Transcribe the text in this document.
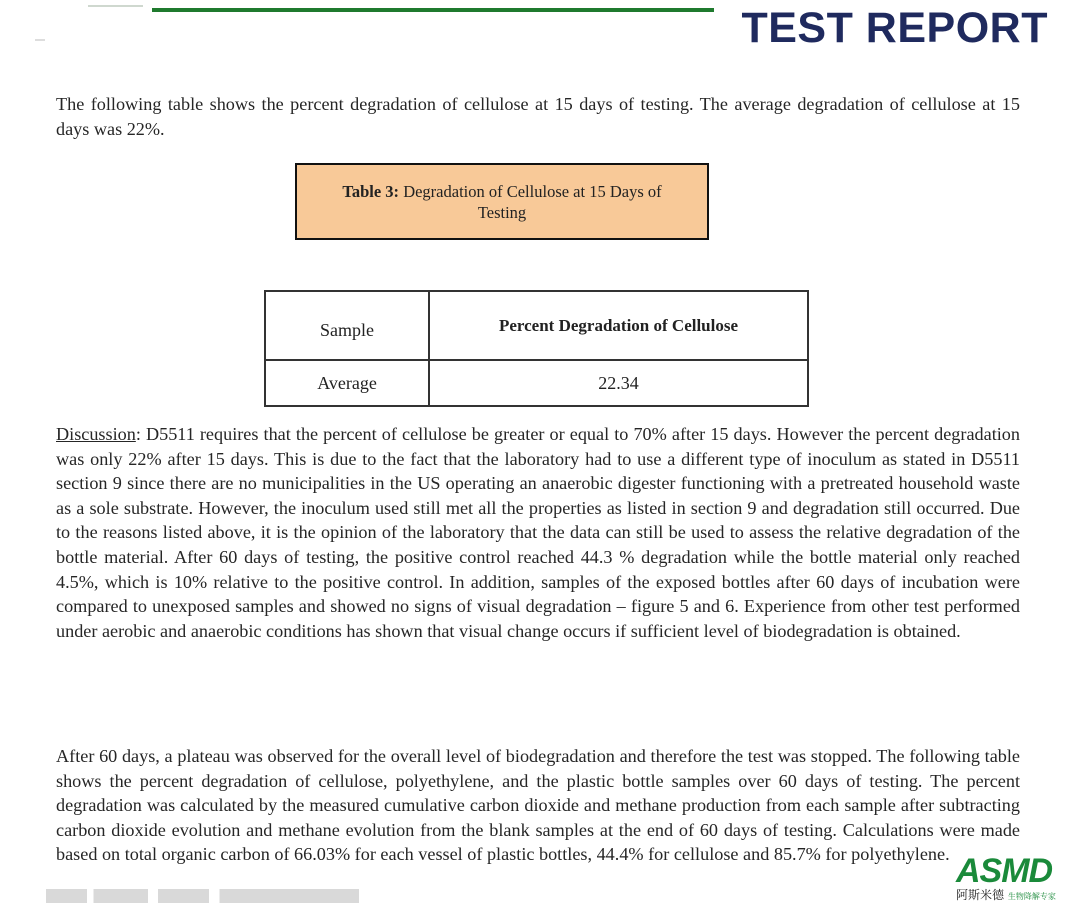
TEST REPORT

The following table shows the percent degradation of cellulose at 15 days of testing. The average degradation of cellulose at 15 days was 22%.

Table 3: Degradation of Cellulose at 15 Days of Testing
Sample	Percent Degradation of Cellulose
Average	22.34

Discussion: D5511 requires that the percent of cellulose be greater or equal to 70% after 15 days. However the percent degradation was only 22% after 15 days. This is due to the fact that the laboratory had to use a different type of inoculum as stated in D5511 section 9 since there are no municipalities in the US operating an anaerobic digester functioning with a pretreated household waste as a sole substrate. However, the inoculum used still met all the properties as listed in section 9 and degradation still occurred. Due to the reasons listed above, it is the opinion of the laboratory that the data can still be used to assess the relative degradation of the bottle material. After 60 days of testing, the positive control reached 44.3 % degradation while the bottle material only reached 4.5%, which is 10% relative to the positive control. In addition, samples of the exposed bottles after 60 days of incubation were compared to unexposed samples and showed no signs of visual degradation – figure 5 and 6. Experience from other test performed under aerobic and anaerobic conditions has shown that visual change occurs if sufficient level of biodegradation is obtained.

After 60 days, a plateau was observed for the overall level of biodegradation and therefore the test was stopped. The following table shows the percent degradation of cellulose, polyethylene, and the plastic bottle samples over 60 days of testing. The percent degradation was calculated by the measured cumulative carbon dioxide and methane production from each sample after subtracting carbon dioxide evolution and methane evolution from the blank samples at the end of 60 days of testing. Calculations were made based on total organic carbon of 66.03% for each vessel of plastic bottles, 44.4% for cellulose and 85.7% for polyethylene. ASMD
阿斯米德 生物降解专家
